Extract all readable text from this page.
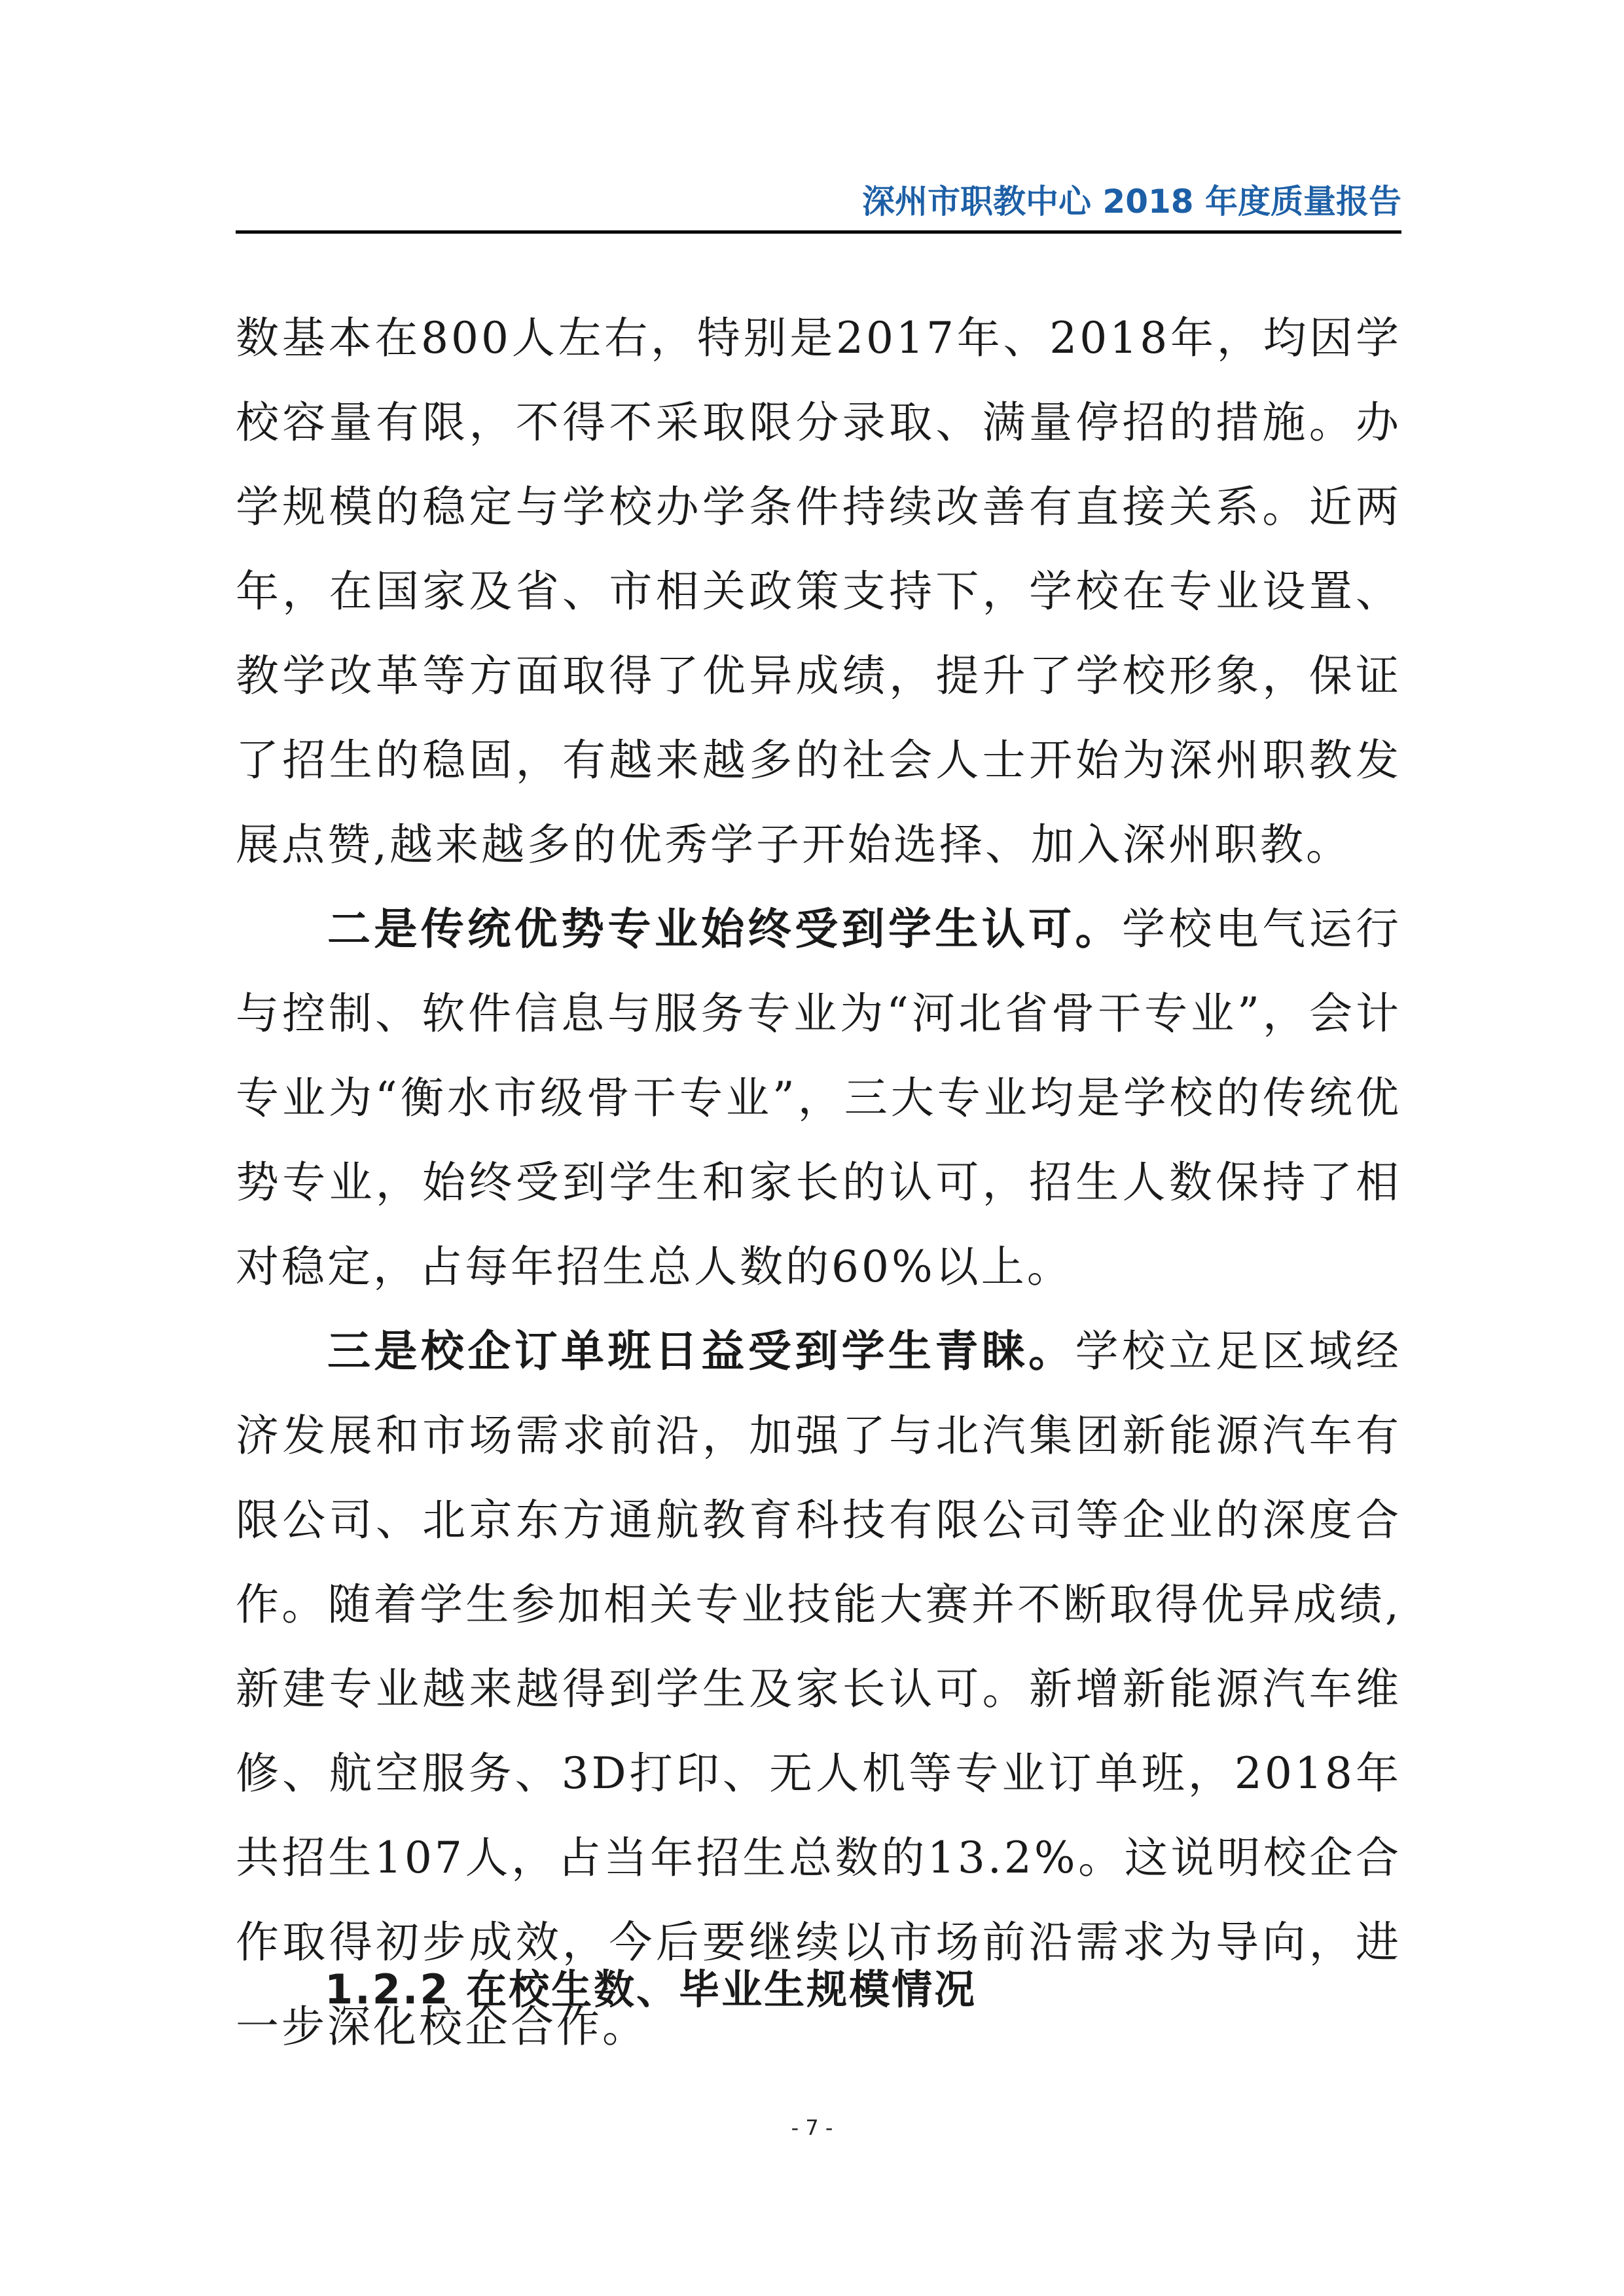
深州市职教中心 2018 年度质量报告

数基本在800人左右，特别是2017年、2018年，均因学校容量有限，不得不采取限分录取、满量停招的措施。办学规模的稳定与学校办学条件持续改善有直接关系。近两年，在国家及省、市相关政策支持下，学校在专业设置、教学改革等方面取得了优异成绩，提升了学校形象，保证了招生的稳固，有越来越多的社会人士开始为深州职教发展点赞,越来越多的优秀学子开始选择、加入深州职教。

二是传统优势专业始终受到学生认可。学校电气运行与控制、软件信息与服务专业为“河北省骨干专业”，会计专业为“衡水市级骨干专业”，三大专业均是学校的传统优势专业，始终受到学生和家长的认可，招生人数保持了相对稳定，占每年招生总人数的60%以上。

三是校企订单班日益受到学生青睐。学校立足区域经济发展和市场需求前沿，加强了与北汽集团新能源汽车有限公司、北京东方通航教育科技有限公司等企业的深度合作。随着学生参加相关专业技能大赛并不断取得优异成绩,新建专业越来越得到学生及家长认可。新增新能源汽车维修、航空服务、3D打印、无人机等专业订单班，2018年共招生107人，占当年招生总数的13.2%。这说明校企合作取得初步成效，今后要继续以市场前沿需求为导向，进一步深化校企合作。

1.2.2 在校生数、毕业生规模情况
- 7 -
